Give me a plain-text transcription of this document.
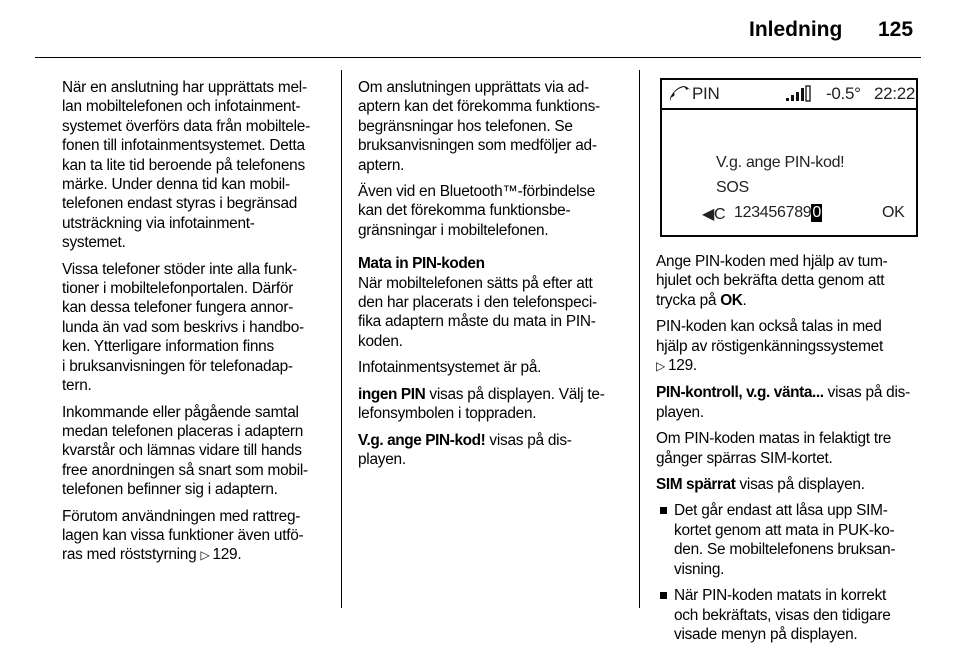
Inledning 125

När en anslutning har upprättats mel-
lan mobiltelefonen och infotainment-
systemet överförs data från mobiltele-
fonen till infotainmentsystemet. Detta
kan ta lite tid beroende på telefonens
märke. Under denna tid kan mobil-
telefonen endast styras i begränsad
utsträckning via infotainment-
systemet.

Vissa telefoner stöder inte alla funk-
tioner i mobiltelefonportalen. Därför
kan dessa telefoner fungera annor-
lunda än vad som beskrivs i handbo-
ken. Ytterligare information finns
i bruksanvisningen för telefonadap-
tern.

Inkommande eller pågående samtal
medan telefonen placeras i adaptern
kvarstår och lämnas vidare till hands
free anordningen så snart som mobil-
telefonen befinner sig i adaptern.

Förutom användningen med rattreg-
lagen kan vissa funktioner även utfö-
ras med röststyrning ▷ 129.

Om anslutningen upprättats via ad-
aptern kan det förekomma funktions-
begränsningar hos telefonen. Se
bruksanvisningen som medföljer ad-
aptern.

Även vid en Bluetooth™-förbindelse
kan det förekomma funktionsbe-
gränsningar i mobiltelefonen.

Mata in PIN-koden
När mobiltelefonen sätts på efter att
den har placerats i den telefonspeci-
fika adaptern måste du mata in PIN-
koden.

Infotainmentsystemet är på.

ingen PIN visas på displayen. Välj te-
lefonsymbolen i toppraden.

V.g. ange PIN-kod! visas på dis-
playen.

PIN	-0.5° 22:22
V.g. ange PIN-kod!
SOS
◀C 1234567890	OK

Ange PIN-koden med hjälp av tum-
hjulet och bekräfta detta genom att
trycka på OK.

PIN-koden kan också talas in med
hjälp av röstigenkänningssystemet
▷ 129.

PIN-kontroll, v.g. vänta... visas på dis-
playen.

Om PIN-koden matas in felaktigt tre
gånger spärras SIM-kortet.

SIM spärrat visas på displayen.

Det går endast att låsa upp SIM-
kortet genom att mata in PUK-ko-
den. Se mobiltelefonens bruksan-
visning.
När PIN-koden matats in korrekt
och bekräftats, visas den tidigare
visade menyn på displayen.
